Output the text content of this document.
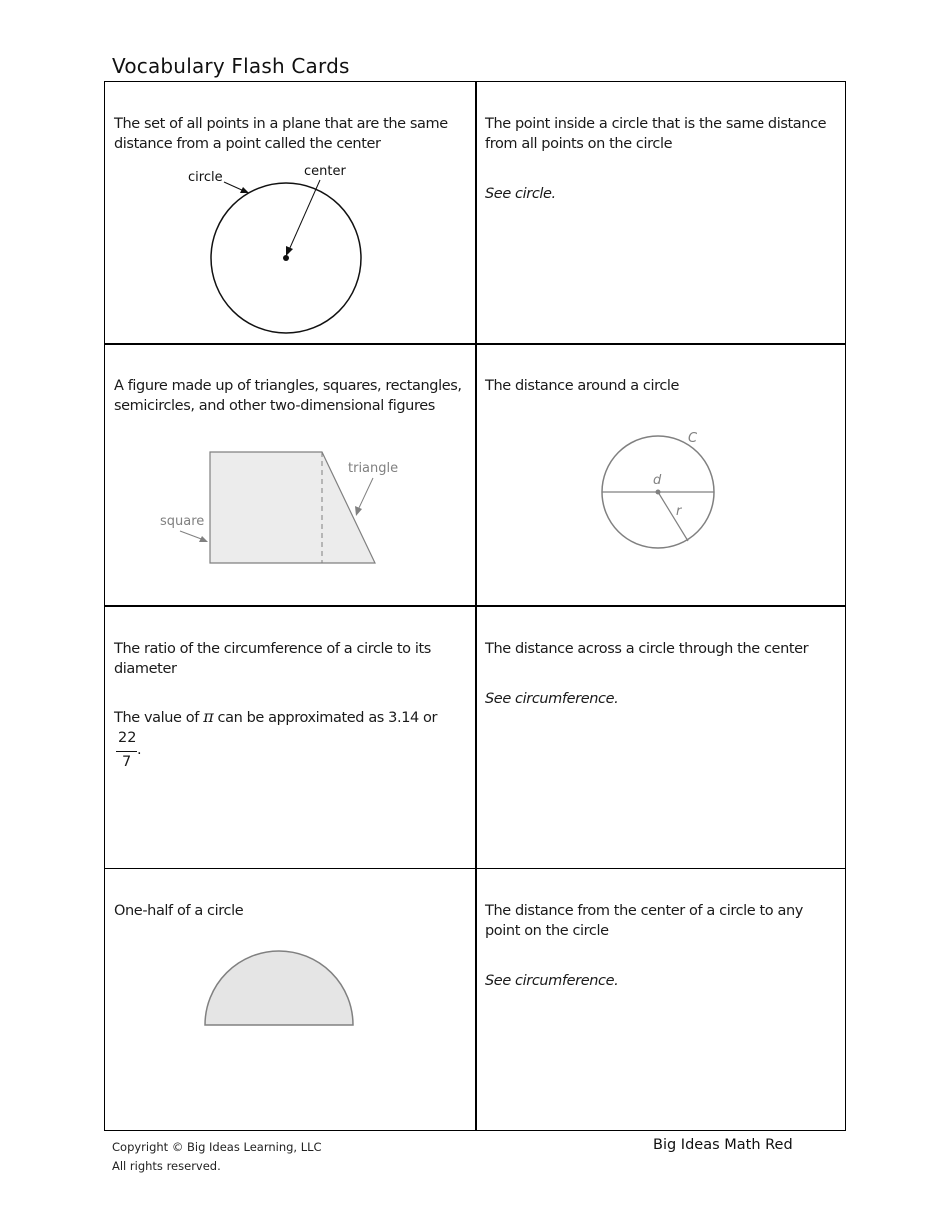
Vocabulary Flash Cards

The set of all points in a plane that are the same distance from a point called the center

circle	center

The point inside a circle that is the same distance from all points on the circle

See circle.

A figure made up of triangles, squares, rectangles, semicircles, and other two-dimensional figures

square
triangle

The distance around a circle

C
d
r

The ratio of the circumference of a circle to its diameter

The value of π can be approximated as 3.14 or

22
7
.

The distance across a circle through the center

See circumference.

One-half of a circle	The distance from the center of a circle to any point on the circle

See circumference.

Copyright © Big Ideas Learning, LLC
All rights reserved.
Big Ideas Math Red
